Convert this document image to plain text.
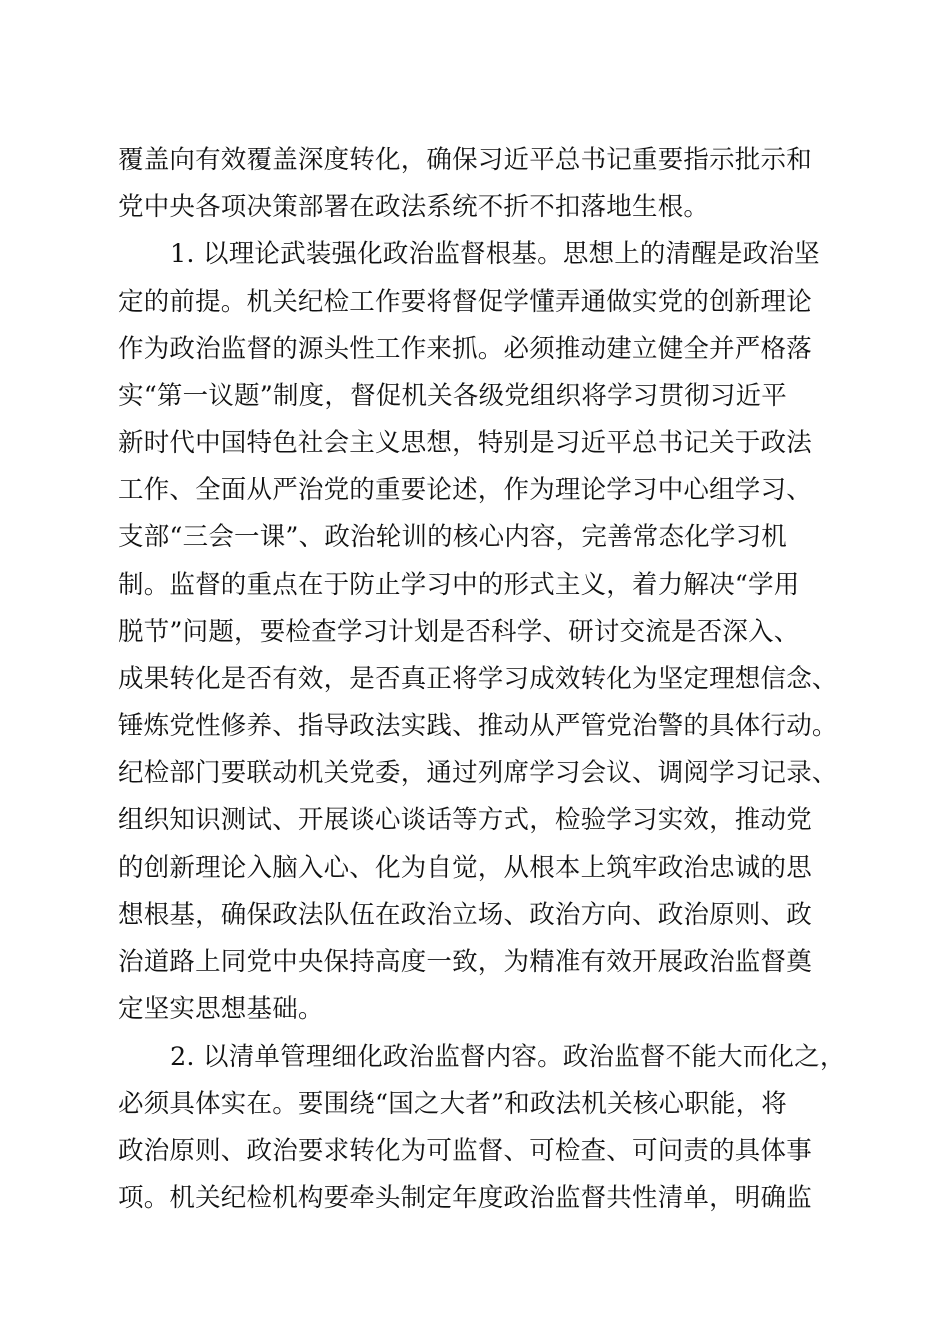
覆盖向有效覆盖深度转化，确保习近平总书记重要指示批示和
党中央各项决策部署在政法系统不折不扣落地生根。
1. 以理论武装强化政治监督根基。思想上的清醒是政治坚
定的前提。机关纪检工作要将督促学懂弄通做实党的创新理论
作为政治监督的源头性工作来抓。必须推动建立健全并严格落
实“第一议题”制度，督促机关各级党组织将学习贯彻习近平
新时代中国特色社会主义思想，特别是习近平总书记关于政法
工作、全面从严治党的重要论述，作为理论学习中心组学习、
支部“三会一课”、政治轮训的核心内容，完善常态化学习机
制。监督的重点在于防止学习中的形式主义，着力解决“学用
脱节”问题，要检查学习计划是否科学、研讨交流是否深入、
成果转化是否有效，是否真正将学习成效转化为坚定理想信念、
锤炼党性修养、指导政法实践、推动从严管党治警的具体行动。
纪检部门要联动机关党委，通过列席学习会议、调阅学习记录、
组织知识测试、开展谈心谈话等方式，检验学习实效，推动党
的创新理论入脑入心、化为自觉，从根本上筑牢政治忠诚的思
想根基，确保政法队伍在政治立场、政治方向、政治原则、政
治道路上同党中央保持高度一致，为精准有效开展政治监督奠
定坚实思想基础。
2. 以清单管理细化政治监督内容。政治监督不能大而化之，
必须具体实在。要围绕“国之大者”和政法机关核心职能，将
政治原则、政治要求转化为可监督、可检查、可问责的具体事
项。机关纪检机构要牵头制定年度政治监督共性清单，明确监
